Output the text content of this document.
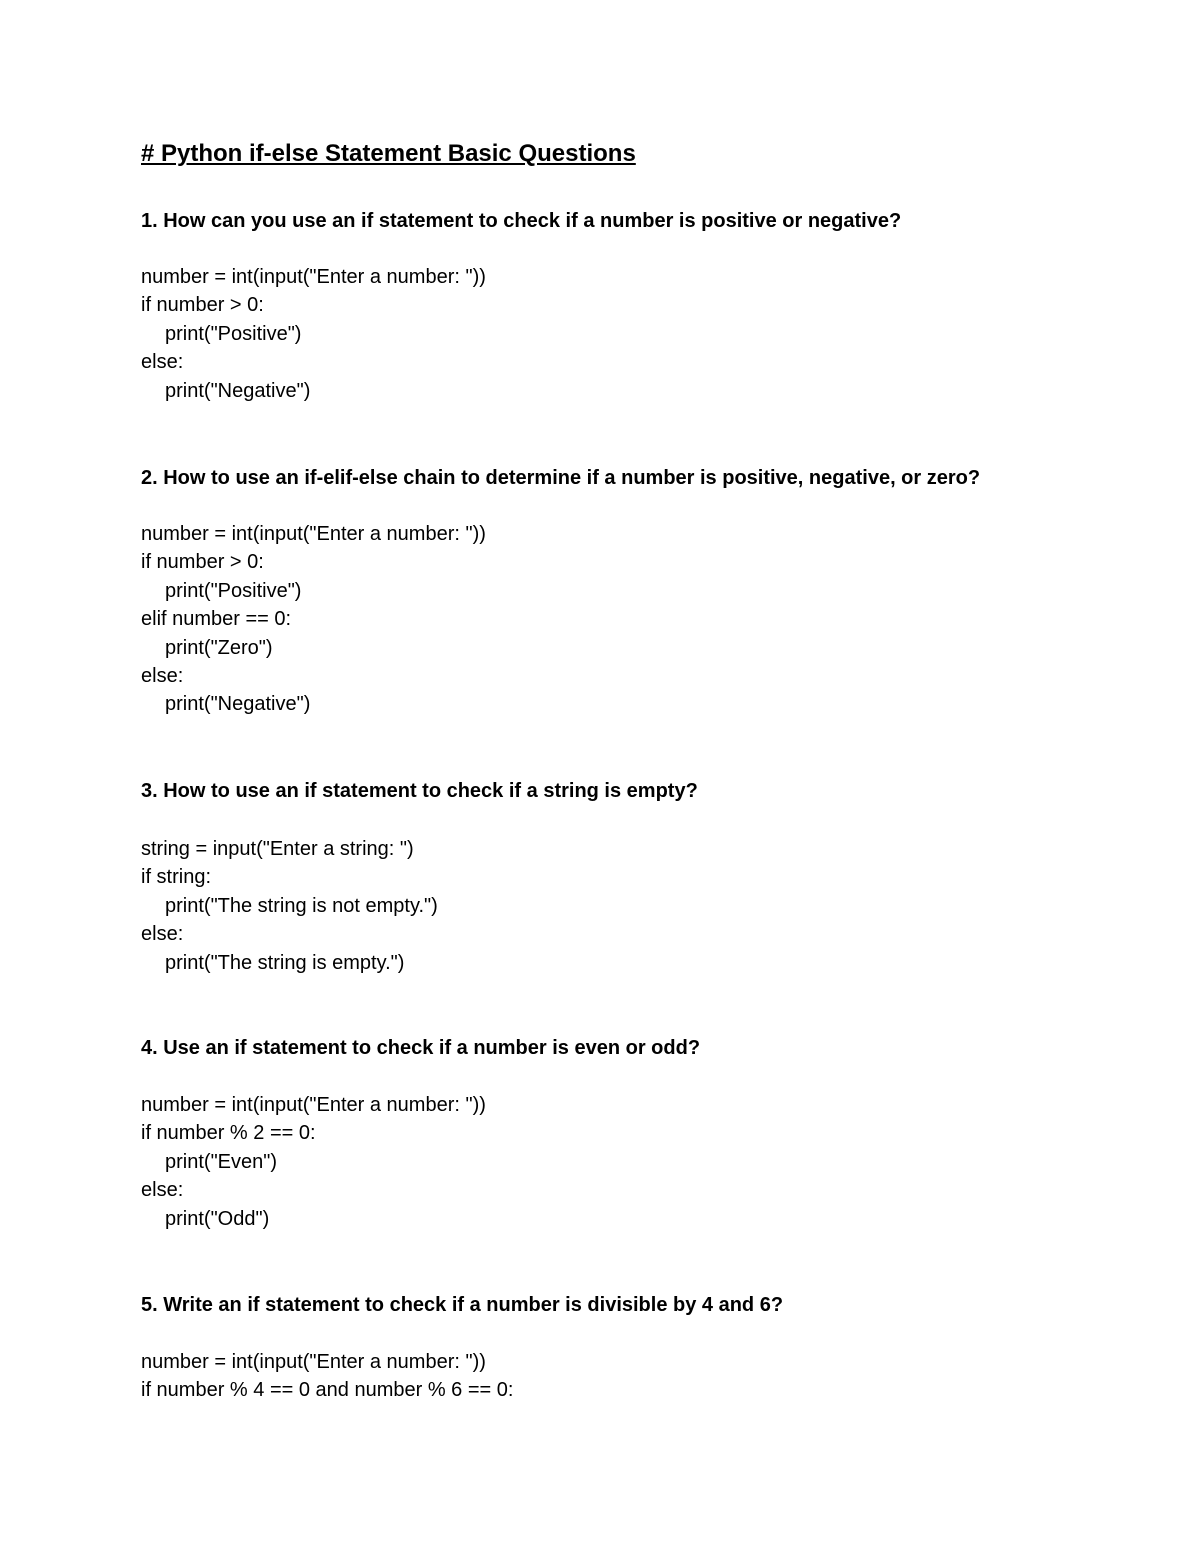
# Python if-else Statement Basic Questions
1. How can you use an if statement to check if a number is positive or negative?
number = int(input("Enter a number: "))
if number > 0:
print("Positive")
else:
print("Negative")
2. How to use an if-elif-else chain to determine if a number is positive, negative, or zero?
number = int(input("Enter a number: "))
if number > 0:
print("Positive")
elif number == 0:
print("Zero")
else:
print("Negative")
3. How to use an if statement to check if a string is empty?
string = input("Enter a string: ")
if string:
print("The string is not empty.")
else:
print("The string is empty.")
4. Use an if statement to check if a number is even or odd?
number = int(input("Enter a number: "))
if number % 2 == 0:
print("Even")
else:
print("Odd")
5. Write an if statement to check if a number is divisible by 4 and 6?
number = int(input("Enter a number: "))
if number % 4 == 0 and number % 6 == 0:
